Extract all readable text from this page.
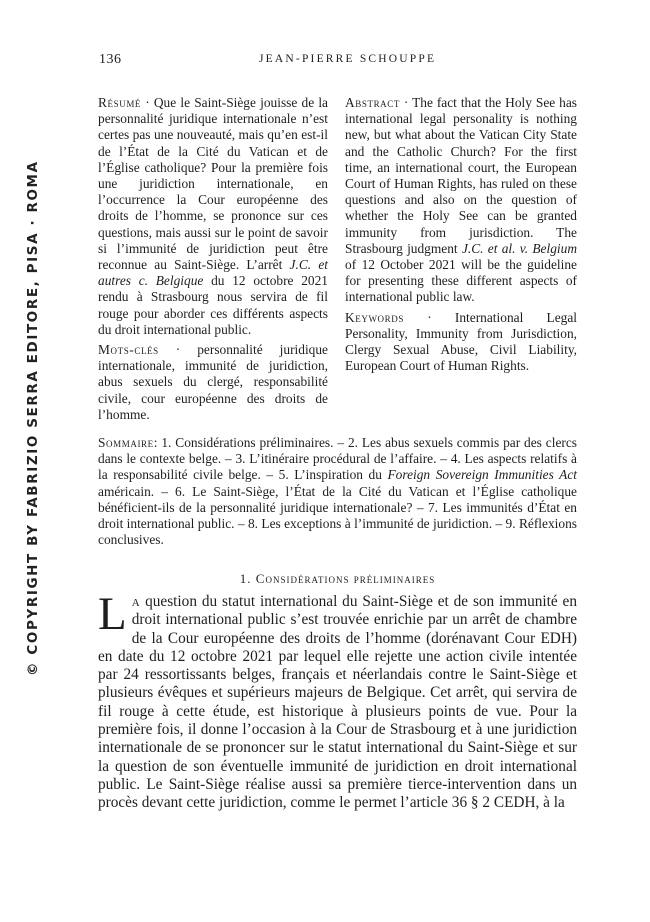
© COPYRIGHT BY FABRIZIO SERRA EDITORE, PISA · ROMA
136	JEAN-PIERRE SCHOUPPE

Résumé · Que le Saint-Siège jouisse de la personnalité juridique internationale n’est certes pas une nouveauté, mais qu’en est-il de l’État de la Cité du Vatican et de l’Église catholique? Pour la première fois une juridiction internationale, en l’occurrence la Cour européenne des droits de l’homme, se prononce sur ces questions, mais aussi sur le point de savoir si l’immunité de juridiction peut être reconnue au Saint-Siège. L’arrêt J.C. et autres c. Belgique du 12 octobre 2021 rendu à Strasbourg nous servira de fil rouge pour aborder ces différents aspects du droit international public.

Mots-clés · personnalité juridique internationale, immunité de juridiction, abus sexuels du clergé, responsabilité civile, cour européenne des droits de l’homme.

Abstract · The fact that the Holy See has international legal personality is nothing new, but what about the Vatican City State and the Catholic Church? For the first time, an international court, the European Court of Human Rights, has ruled on these questions and also on the question of whether the Holy See can be granted immunity from jurisdiction. The Strasbourg judgment J.C. et al. v. Belgium of 12 October 2021 will be the guideline for presenting these different aspects of international public law.

Keywords · International Legal Personality, Immunity from Jurisdiction, Clergy Sexual Abuse, Civil Liability, European Court of Human Rights.

Sommaire: 1. Considérations préliminaires. – 2. Les abus sexuels commis par des clercs dans le contexte belge. – 3. L’itinéraire procédural de l’affaire. – 4. Les aspects relatifs à la responsabilité civile belge. – 5. L’inspiration du Foreign Sovereign Immunities Act américain. – 6. Le Saint-Siège, l’État de la Cité du Vatican et l’Église catholique bénéficient-ils de la personnalité juridique internationale? – 7. Les immunités d’État en droit international public. – 8. Les exceptions à l’immunité de juridiction. – 9. Réflexions conclusives.
1. Considérations préliminaires
La question du statut international du Saint-Siège et de son immunité en droit international public s’est trouvée enrichie par un arrêt de chambre de la Cour européenne des droits de l’homme (dorénavant Cour EDH) en date du 12 octobre 2021 par lequel elle rejette une action civile intentée par 24 ressortissants belges, français et néerlandais contre le Saint-Siège et plusieurs évêques et supérieurs majeurs de Belgique. Cet arrêt, qui servira de fil rouge à cette étude, est historique à plusieurs points de vue. Pour la première fois, il donne l’occasion à la Cour de Strasbourg et à une juridiction internationale de se prononcer sur le statut international du Saint-Siège et sur la question de son éventuelle immunité de juridiction en droit international public. Le Saint-Siège réalise aussi sa première tierce-intervention dans un procès devant cette juridiction, comme le permet l’article 36 § 2 CEDH, à la
